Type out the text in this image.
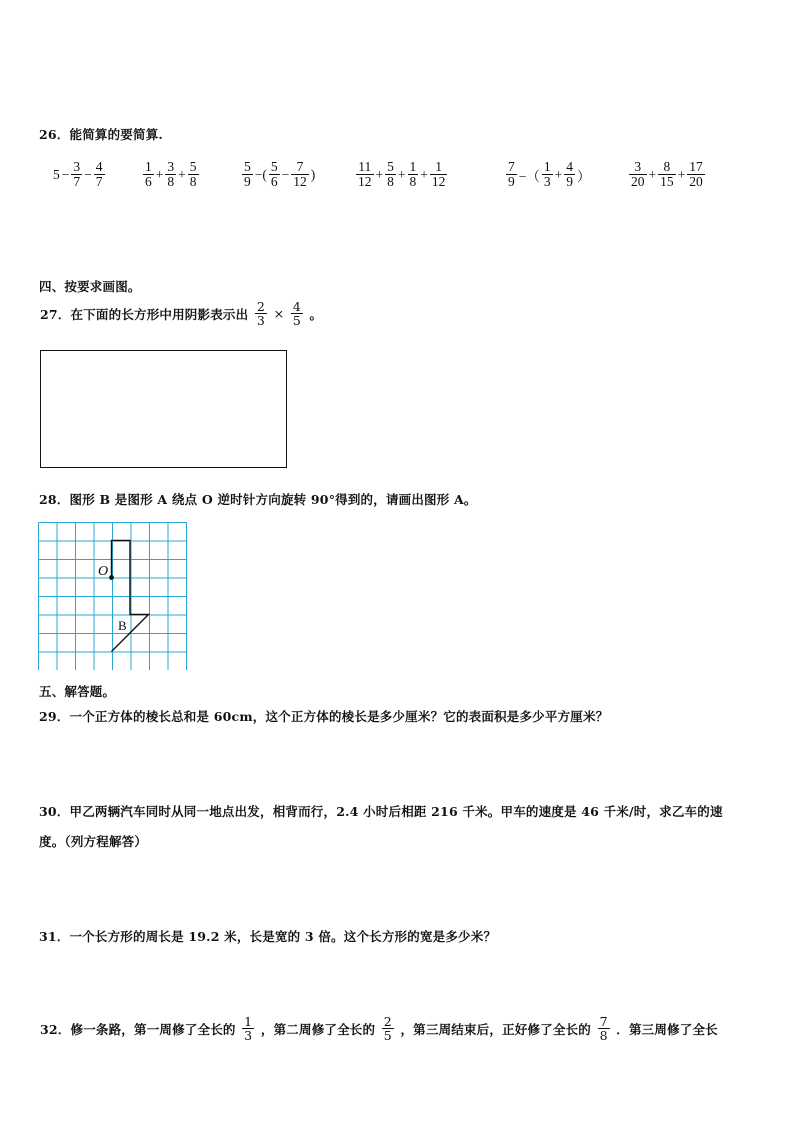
26．能简算的要简算.
$5 - \frac{3}{7} - \frac{4}{7}$	$\frac{1}{6} + \frac{3}{8} + \frac{5}{8}$	$\frac{5}{9}$ −( $\frac{5}{6} - \frac{7}{12}$ )	$\frac{11}{12} + \frac{5}{8} + \frac{1}{8} + \frac{1}{12}$	$\frac{7}{9}$ −（ $\frac{1}{3} + \frac{4}{9}$ ）	$\frac{3}{20} + \frac{8}{15} + \frac{17}{20}$
四、按要求画图。
27．在下面的长方形中用阴影表示出 $\frac{2}{3} \times \frac{4}{5}$ 。
28．图形 B 是图形 A 绕点 O 逆时针方向旋转 90°得到的，请画出图形 A。
O
B
五、解答题。
29．一个正方体的棱长总和是 60cm，这个正方体的棱长是多少厘米？它的表面积是多少平方厘米？
30．甲乙两辆汽车同时从同一地点出发，相背而行，2.4 小时后相距 216 千米。甲车的速度是 46 千米/时，求乙车的速
度。（列方程解答）
31．一个长方形的周长是 19.2 米，长是宽的 3 倍。这个长方形的宽是多少米？
32．修一条路，第一周修了全长的 $\frac{1}{3}$ ，第二周修了全长的 $\frac{2}{5}$ ，第三周结束后，正好修了全长的 $\frac{7}{8}$ ．第三周修了全长
